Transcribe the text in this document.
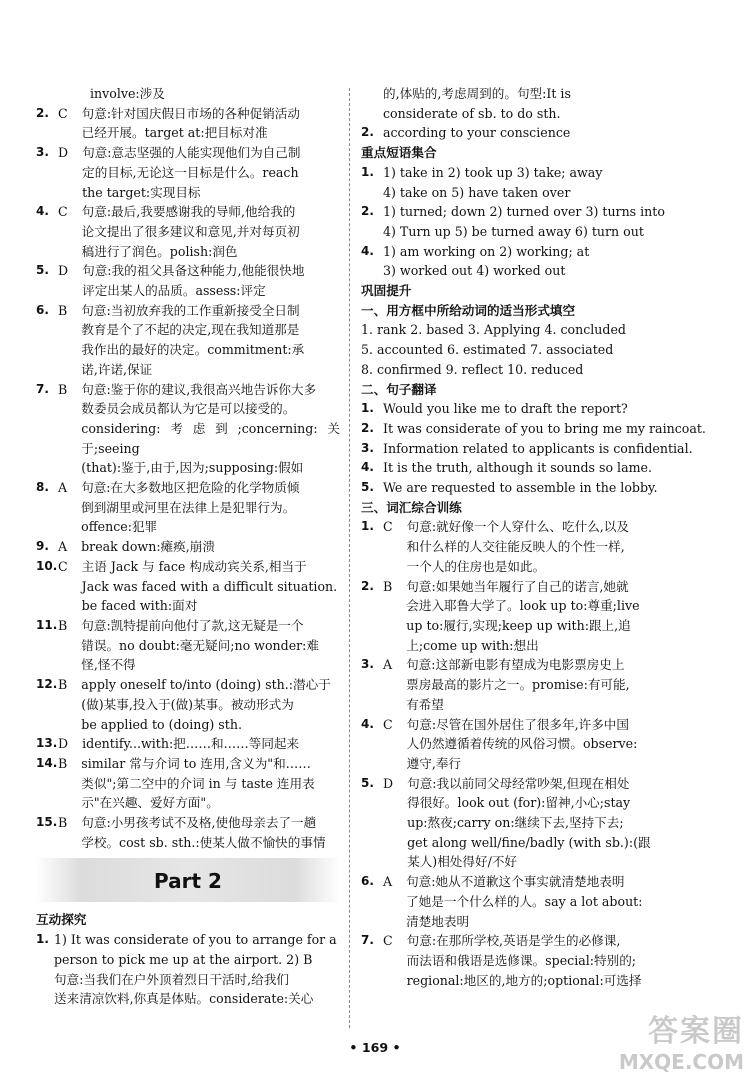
involve:涉及
2. C 句意:针对国庆假日市场的各种促销活动
已经开展。target at:把目标对准
3. D 句意:意志坚强的人能实现他们为自己制
定的目标,无论这一目标是什么。reach
the target:实现目标
4. C 句意:最后,我要感谢我的导师,他给我的
论文提出了很多建议和意见,并对每页初
稿进行了润色。polish:润色
5. D 句意:我的祖父具备这种能力,他能很快地
评定出某人的品质。assess:评定
6. B 句意:当初放弃我的工作重新接受全日制
教育是个了不起的决定,现在我知道那是
我作出的最好的决定。commitment:承
诺,许诺,保证
7. B 句意:鉴于你的建议,我很高兴地告诉你大多
数委员会成员都认为它是可以接受的。
considering:考虑到;concerning:关于;seeing
(that):鉴于,由于,因为;supposing:假如
8. A 句意:在大多数地区把危险的化学物质倾
倒到湖里或河里在法律上是犯罪行为。
offence:犯罪
9. A break down:瘫痪,崩溃
10. C 主语 Jack 与 face 构成动宾关系,相当于
Jack was faced with a difficult situation.
be faced with:面对
11. B 句意:凯特提前向他付了款,这无疑是一个
错误。no doubt:毫无疑问;no wonder:难
怪,怪不得
12. B apply oneself to/into (doing) sth.:潜心于
(做)某事,投入于(做)某事。被动形式为
be applied to (doing) sth.
13. D identify...with:把……和……等同起来
14. B similar 常与介词 to 连用,含义为"和……
类似";第二空中的介词 in 与 taste 连用表
示"在兴趣、爱好方面"。
15. B 句意:小男孩考试不及格,使他母亲去了一趟
学校。cost sb. sth.:使某人做不愉快的事情
Part 2
互动探究
1. 1) It was considerate of you to arrange for a
person to pick me up at the airport. 2) B
句意:当我们在户外顶着烈日干活时,给我们
送来清凉饮料,你真是体贴。considerate:关心
的,体贴的,考虑周到的。句型:It is
considerate of sb. to do sth.
2. according to your conscience
重点短语集合
1. 1) take in 2) took up 3) take; away
4) take on 5) have taken over
2. 1) turned; down 2) turned over 3) turns into
4) Turn up 5) be turned away 6) turn out
4. 1) am working on 2) working; at
3) worked out 4) worked out
巩固提升
一、用方框中所给动词的适当形式填空
1. rank 2. based 3. Applying 4. concluded
5. accounted 6. estimated 7. associated
8. confirmed 9. reflect 10. reduced
二、句子翻译
1. Would you like me to draft the report?
2. It was considerate of you to bring me my raincoat.
3. Information related to applicants is confidential.
4. It is the truth, although it sounds so lame.
5. We are requested to assemble in the lobby.
三、词汇综合训练
1. C 句意:就好像一个人穿什么、吃什么,以及
和什么样的人交往能反映人的个性一样,
一个人的住房也是如此。
2. B 句意:如果她当年履行了自己的诺言,她就
会进入耶鲁大学了。look up to:尊重;live
up to:履行,实现;keep up with:跟上,追
上;come up with:想出
3. A 句意:这部新电影有望成为电影票房史上
票房最高的影片之一。promise:有可能,
有希望
4. C 句意:尽管在国外居住了很多年,许多中国
人仍然遵循着传统的风俗习惯。observe:
遵守,奉行
5. D 句意:我以前同父母经常吵架,但现在相处
得很好。look out (for):留神,小心;stay
up:熬夜;carry on:继续下去,坚持下去;
get along well/fine/badly (with sb.):(跟
某人)相处得好/不好
6. A 句意:她从不道歉这个事实就清楚地表明
了她是一个什么样的人。say a lot about:
清楚地表明
7. C 句意:在那所学校,英语是学生的必修课,
而法语和俄语是选修课。special:特别的;
regional:地区的,地方的;optional:可选择
• 169 •	答案圈
MXQE.COM
